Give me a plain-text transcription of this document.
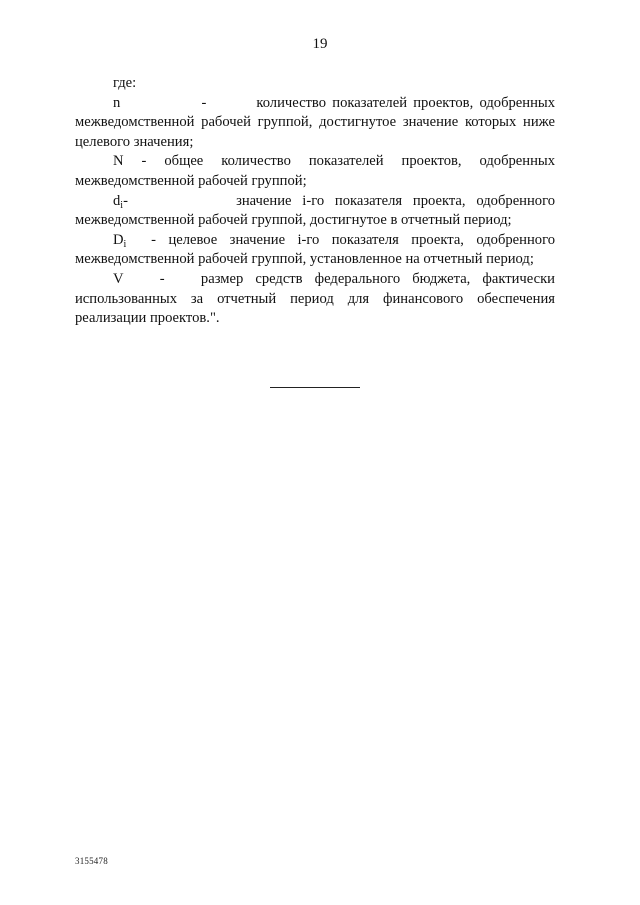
19

где:

n	-	количество показателей проектов, одобренных межведомственной рабочей группой, достигнутое значение которых ниже целевого значения;

N - общее количество показателей проектов, одобренных межведомственной рабочей группой;

$d_i-$	значение i-го показателя проекта, одобренного межведомственной рабочей группой, достигнутое в отчетный период;

$D_i$ - целевое значение i-го показателя проекта, одобренного межведомственной рабочей группой, установленное на отчетный период;

V - размер средств федерального бюджета, фактически использованных за отчетный период для финансового обеспечения реализации проектов.".

3155478
